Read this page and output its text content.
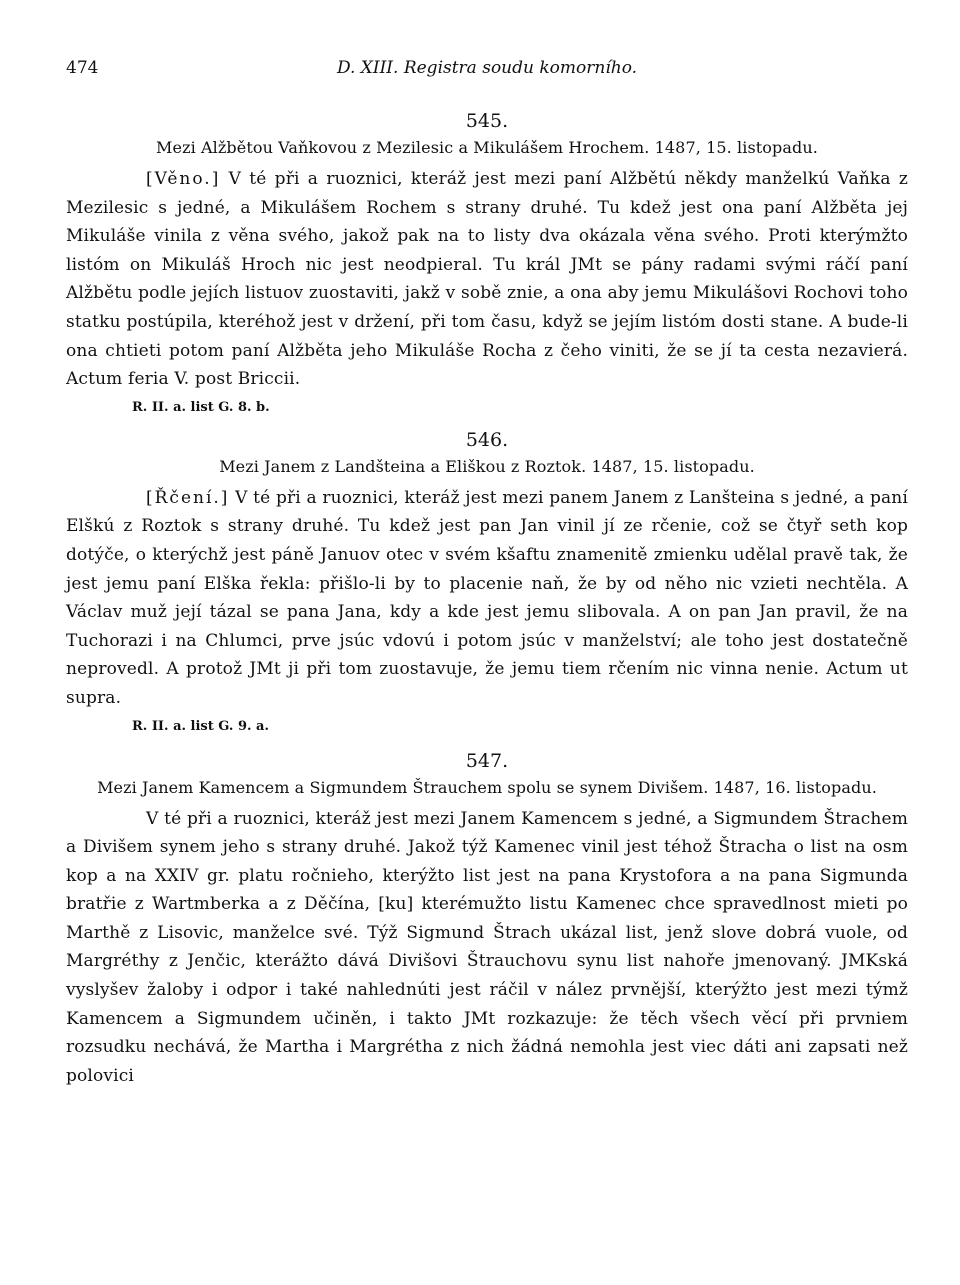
474	D. XIII. Registra soudu komorního.
545.
Mezi Alžbětou Vaňkovou z Mezilesic a Mikulášem Hrochem. 1487, 15. listopadu.

[Věno.] V té při a ruoznici, kteráž jest mezi paní Alžbětú někdy manželkú Vaňka z Mezilesic s jedné, a Mikulášem Rochem s strany druhé. Tu kdež jest ona paní Alžběta jej Mikuláše vinila z věna svého, jakož pak na to listy dva okázala věna svého. Proti kterýmžto listóm on Mikuláš Hroch nic jest neodpieral. Tu král JMt se pány radami svými ráčí paní Alžbětu podle jejích listuov zuostaviti, jakž v sobě znie, a ona aby jemu Mikulášovi Rochovi toho statku postúpila, kteréhož jest v držení, při tom času, když se jejím listóm dosti stane. A bude-li ona chtieti potom paní Alžběta jeho Mikuláše Rocha z čeho viniti, že se jí ta cesta nezavierá. Actum feria V. post Briccii.

R. II. a. list G. 8. b.
546.
Mezi Janem z Landšteina a Eliškou z Roztok. 1487, 15. listopadu.

[Řčení.] V té při a ruoznici, kteráž jest mezi panem Janem z Lanšteina s jedné, a paní Elškú z Roztok s strany druhé. Tu kdež jest pan Jan vinil jí ze rčenie, což se čtyř seth kop dotýče, o kterýchž jest páně Januov otec v svém kšaftu znamenitě zmienku udělal pravě tak, že jest jemu paní Elška řekla: přišlo-li by to placenie naň, že by od něho nic vzieti nechtěla. A Václav muž její tázal se pana Jana, kdy a kde jest jemu slibovala. A on pan Jan pravil, že na Tuchorazi i na Chlumci, prve jsúc vdovú i potom jsúc v manželství; ale toho jest dostatečně neprovedl. A protož JMt ji při tom zuostavuje, že jemu tiem rčením nic vinna nenie. Actum ut supra.

R. II. a. list G. 9. a.
547.
Mezi Janem Kamencem a Sigmundem Štrauchem spolu se synem Divišem. 1487, 16. listopadu.

V té při a ruoznici, kteráž jest mezi Janem Kamencem s jedné, a Sigmundem Štrachem a Divišem synem jeho s strany druhé. Jakož týž Kamenec vinil jest téhož Štracha o list na osm kop a na XXIV gr. platu ročnieho, kterýžto list jest na pana Krystofora a na pana Sigmunda bratřie z Wartmberka a z Děčína, [ku] kterémužto listu Kamenec chce spravedlnost mieti po Marthě z Lisovic, manželce své. Týž Sigmund Štrach ukázal list, jenž slove dobrá vuole, od Margréthy z Jenčic, kterážto dává Divišovi Štrauchovu synu list nahoře jmenovaný. JMKská vyslyšev žaloby i odpor i také nahlednúti jest ráčil v nález prvnější, kterýžto jest mezi týmž Kamencem a Sigmundem učiněn, i takto JMt rozkazuje: že těch všech věcí při prvniem rozsudku nechává, že Martha i Margrétha z nich žádná nemohla jest viec dáti ani zapsati než polovici
